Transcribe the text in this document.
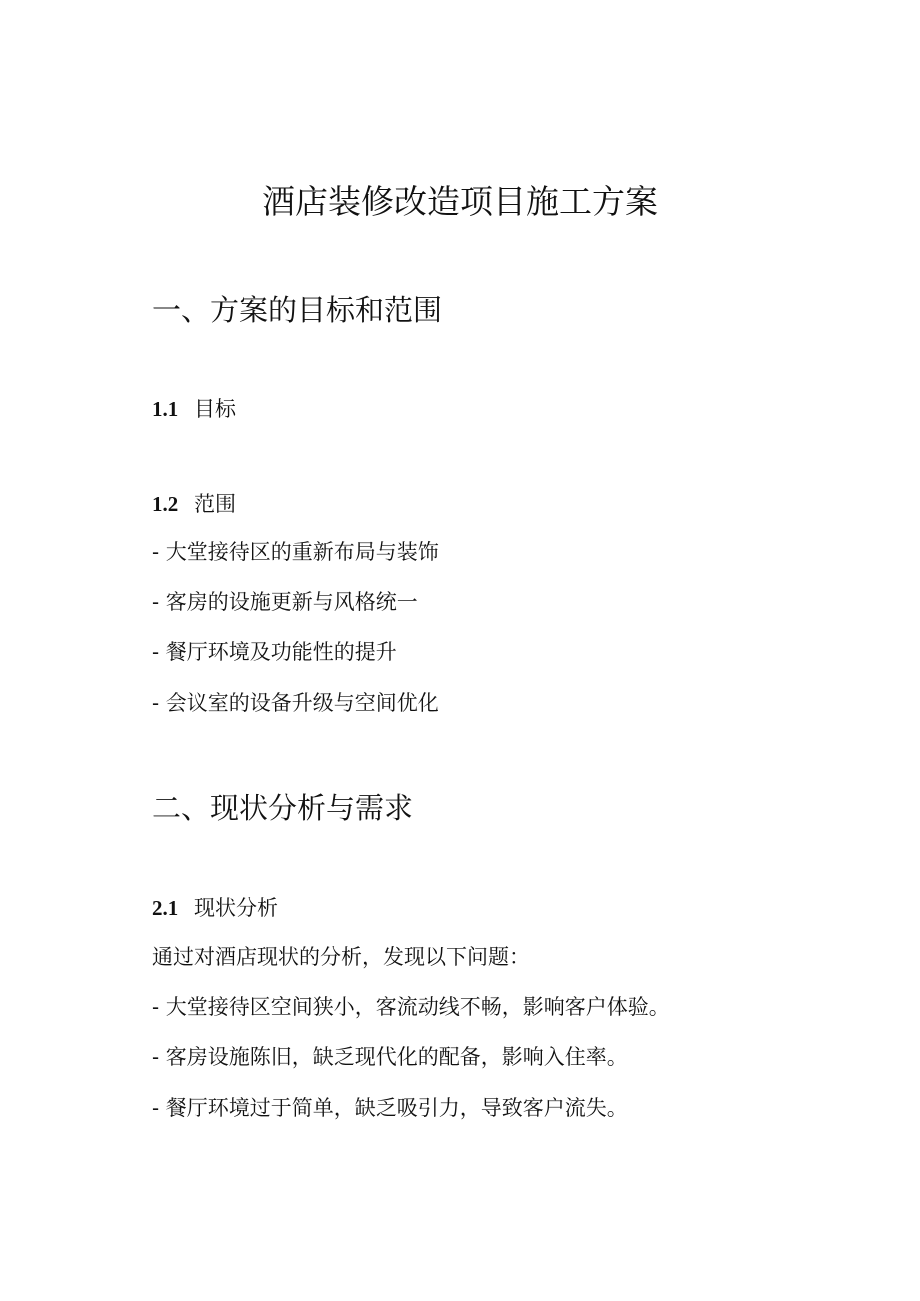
酒店装修改造项目施工方案
一、方案的目标和范围
1.1 目标
1.2 范围

- 大堂接待区的重新布局与装饰

- 客房的设施更新与风格统一

- 餐厅环境及功能性的提升

- 会议室的设备升级与空间优化

二、现状分析与需求
2.1 现状分析

通过对酒店现状的分析，发现以下问题：

- 大堂接待区空间狭小，客流动线不畅，影响客户体验。

- 客房设施陈旧，缺乏现代化的配备，影响入住率。

- 餐厅环境过于简单，缺乏吸引力，导致客户流失。
